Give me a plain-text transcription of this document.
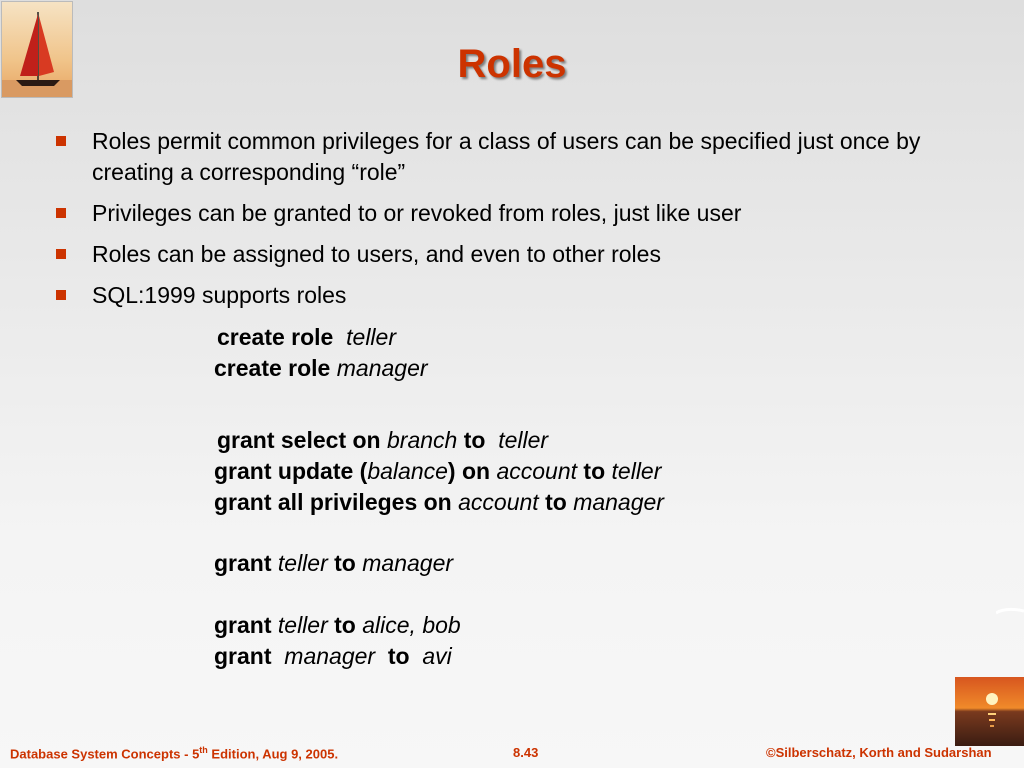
Roles
Roles permit common privileges for a class of users can be specified just once by creating a corresponding “role”
Privileges can be granted to or revoked from roles, just like user
Roles can be assigned to users, and even to other roles
SQL:1999 supports roles
create role teller
create role manager
grant select on branch to teller
grant update (balance) on account to teller
grant all privileges on account to manager
grant teller to manager
grant teller to alice, bob
grant manager to avi
Database System Concepts - 5th Edition, Aug 9, 2005.	8.43	©Silberschatz, Korth and Sudarshan
